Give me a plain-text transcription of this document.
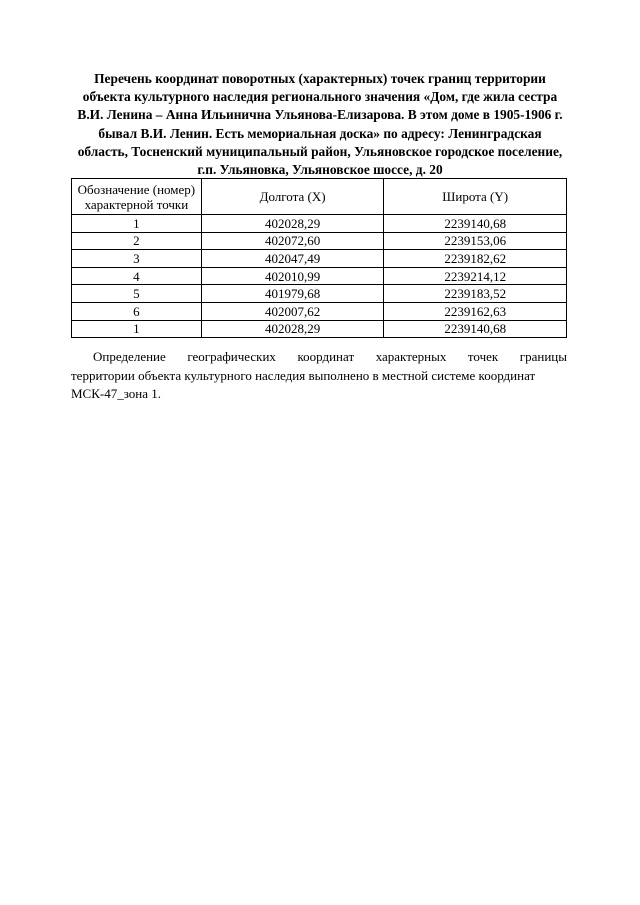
Перечень координат поворотных (характерных) точек границ территории
объекта культурного наследия регионального значения «Дом, где жила сестра
В.И. Ленина – Анна Ильинична Ульянова-Елизарова. В этом доме в 1905-1906 г.
бывал В.И. Ленин. Есть мемориальная доска» по адресу: Ленинградская
область, Тосненский муниципальный район, Ульяновское городское поселение,
г.п. Ульяновка, Ульяновское шоссе, д. 20
Обозначение (номер)
характерной точки	Долгота (X)	Широта (Y)
1	402028,29	2239140,68
2	402072,60	2239153,06
3	402047,49	2239182,62
4	402010,99	2239214,12
5	401979,68	2239183,52
6	402007,62	2239162,63
1	402028,29	2239140,68
Определение географических координат характерных точек границы
территории объекта культурного наследия выполнено в местной системе координат
МСК-47_зона 1.
